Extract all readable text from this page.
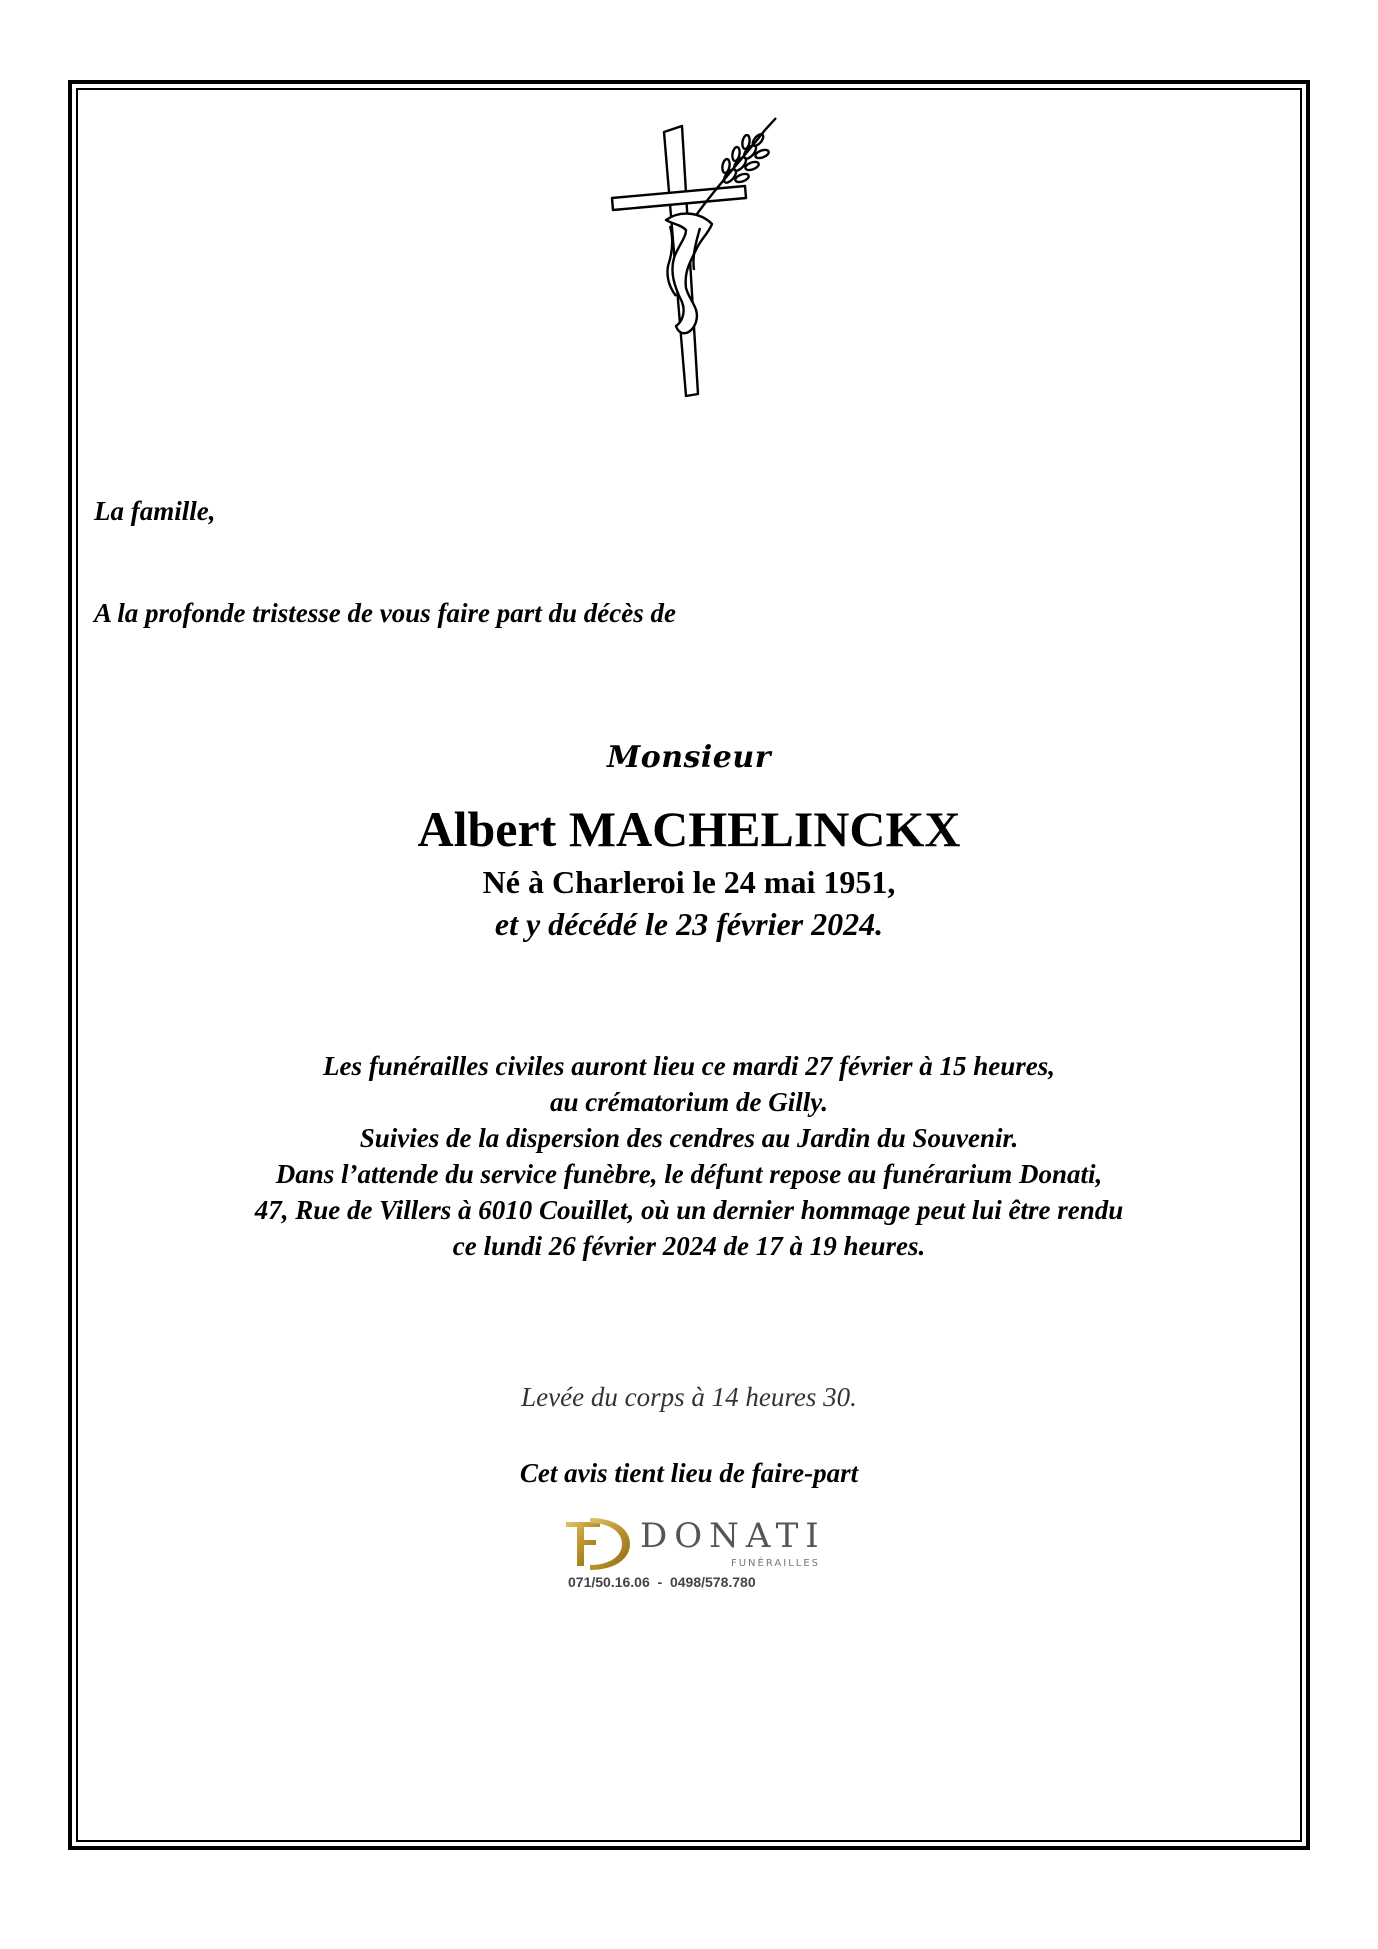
La famille,
A la profonde tristesse de vous faire part du décès de
Monsieur
Albert MACHELINCKX
Né à Charleroi le 24 mai 1951,
et y décédé le 23 février 2024.
Les funérailles civiles auront lieu ce mardi 27 février à 15 heures,
au crématorium de Gilly.
Suivies de la dispersion des cendres au Jardin du Souvenir.
Dans l’attende du service funèbre, le défunt repose au funérarium Donati,
47, Rue de Villers à 6010 Couillet, où un dernier hommage peut lui être rendu
ce lundi 26 février 2024 de 17 à 19 heures.
Levée du corps à 14 heures 30.
Cet avis tient lieu de faire-part
DONATI
FUNÉRAILLES
071/50.16.06  -  0498/578.780
